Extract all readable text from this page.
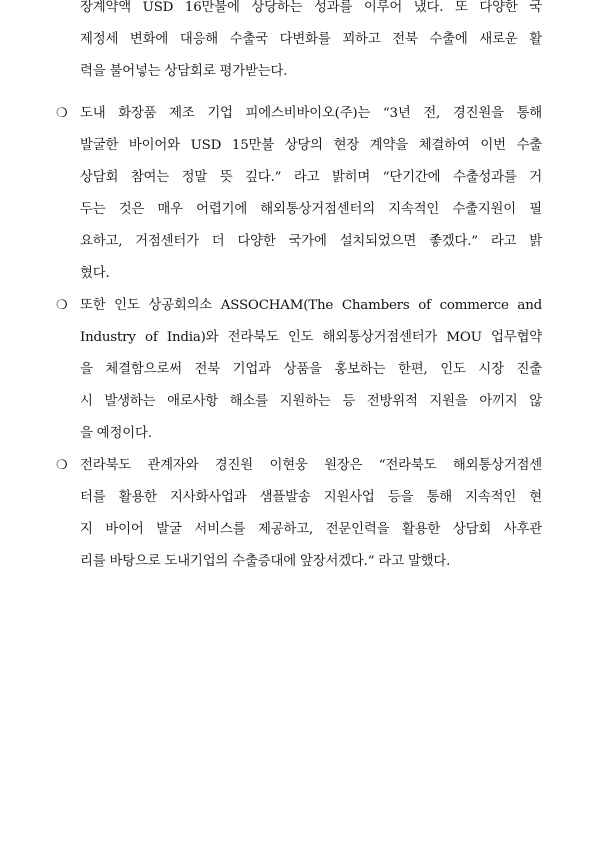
장계약액 USD 16만불에 상당하는 성과를 이루어 냈다. 또 다양한 국
제정세 변화에 대응해 수출국 다변화를 꾀하고 전북 수출에 새로운 활
력을 불어넣는 상담회로 평가받는다.
❍ 도내 화장품 제조 기업 피에스비바이오(주)는 “3년 전, 경진원을 통해
발굴한 바이어와 USD 15만불 상당의 현장 계약을 체결하여 이번 수출
상담회 참여는 정말 뜻 깊다.” 라고 밝히며 “단기간에 수출성과를 거
두는 것은 매우 어렵기에 해외통상거점센터의 지속적인 수출지원이 필
요하고, 거점센터가 더 다양한 국가에 설치되었으면 좋겠다.” 라고 밝
혔다.
❍ 또한 인도 상공회의소 ASSOCHAM(The Chambers of commerce and
Industry of India)와 전라북도 인도 해외통상거점센터가 MOU 업무협약
을 체결함으로써 전북 기업과 상품을 홍보하는 한편, 인도 시장 진출
시 발생하는 애로사항 해소를 지원하는 등 전방위적 지원을 아끼지 않
을 예정이다.
❍ 전라북도 관계자와 경진원 이현웅 원장은 “전라북도 해외통상거점센
터를 활용한 지사화사업과 샘플발송 지원사업 등을 통해 지속적인 현
지 바이어 발굴 서비스를 제공하고, 전문인력을 활용한 상담회 사후관
리를 바탕으로 도내기업의 수출증대에 앞장서겠다.” 라고 말했다.
